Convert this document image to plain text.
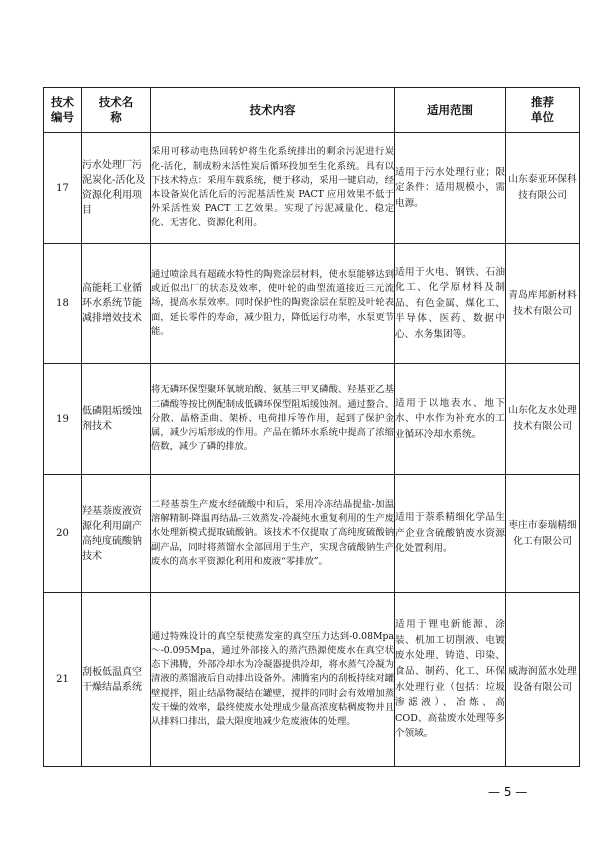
技术编号	技术名称	技术内容	适用范围	推荐单位
17	污水处理厂污泥炭化-活化及资源化利用项目	采用可移动电热回转炉将生化系统排出的剩余污泥进行炭化-活化，制成粉末活性炭后循环投加至生化系统。具有以下技术特点：采用车载系统，便于移动，采用一键启动，经本设备炭化活化后的污泥基活性炭 PACT 应用效果不低于外采活性炭 PACT 工艺效果。实现了污泥减量化、稳定化、无害化、资源化利用。	适用于污水处理行业；限定条件：适用规模小，需电源。	山东泰亚环保科技有限公司
18	高能耗工业循环水系统节能减排增效技术	通过喷涂具有超疏水特性的陶瓷涂层材料，使水泵能够达到或近似出厂的状态及效率，使叶轮的曲型流道接近三元流场，提高水泵效率。同时保护性的陶瓷涂层在泵腔及叶轮表面，延长零件的寿命，减少阻力，降低运行功率，水泵更节能。	适用于火电、钢铁、石油化工、化学原材料及制品、有色金属、煤化工、半导体、医药、数据中心、水务集团等。	青岛库邦新材料技术有限公司
19	低磷阻垢缓蚀剂技术	将无磷环保型聚环氧琥珀酸、氨基三甲叉磷酸、羟基亚乙基二磷酸等按比例配制成低磷环保型阻垢缓蚀剂。通过螯合、分散、晶格歪曲、架桥、电荷排斥等作用，起到了保护金属，减少污垢形成的作用。产品在循环水系统中提高了浓缩倍数，减少了磷的排放。	适用于以地表水、地下水、中水作为补充水的工业循环冷却水系统。	山东化友水处理技术有限公司
20	羟基萘废液资源化利用副产高纯度硫酸钠技术	二羟基萘生产废水经硫酸中和后，采用冷冻结晶提盐-加温溶解精制-降温再结晶-三效蒸发-冷凝纯水重复利用的生产废水处理新模式提取硫酸钠。该技术不仅提取了高纯度硫酸钠副产品，同时将蒸馏水全部回用于生产，实现含硫酸钠生产废水的高水平资源化利用和废液“零排放”。	适用于萘系精细化学品生产企业含硫酸钠废水资源化处置利用。	枣庄市泰瑞精细化工有限公司
21	刮板低温真空干燥结晶系统	通过特殊设计的真空泵使蒸发室的真空压力达到-0.08Mpa～-0.095Mpa，通过外部接入的蒸汽热源使废水在真空状态下沸腾，外部冷却水为冷凝器提供冷却，将水蒸气冷凝为清液的蒸馏液后自动排出设备外。沸腾室内的刮板持续对罐壁搅拌，阻止结晶物凝结在罐壁，搅拌的同时会有效增加蒸发干燥的效率，最终使废水处理成少量高浓度粘稠废物并且从排料口排出，最大限度地减少危废液体的处理。	适用于锂电新能源、涂装、机加工切削液、电镀废水处理、铸造、印染、食品、制药、化工、环保水处理行业（包括：垃圾渗滤液）、冶炼、高COD、高盐废水处理等多个领域。	威海润蓝水处理设备有限公司
— 5 —
